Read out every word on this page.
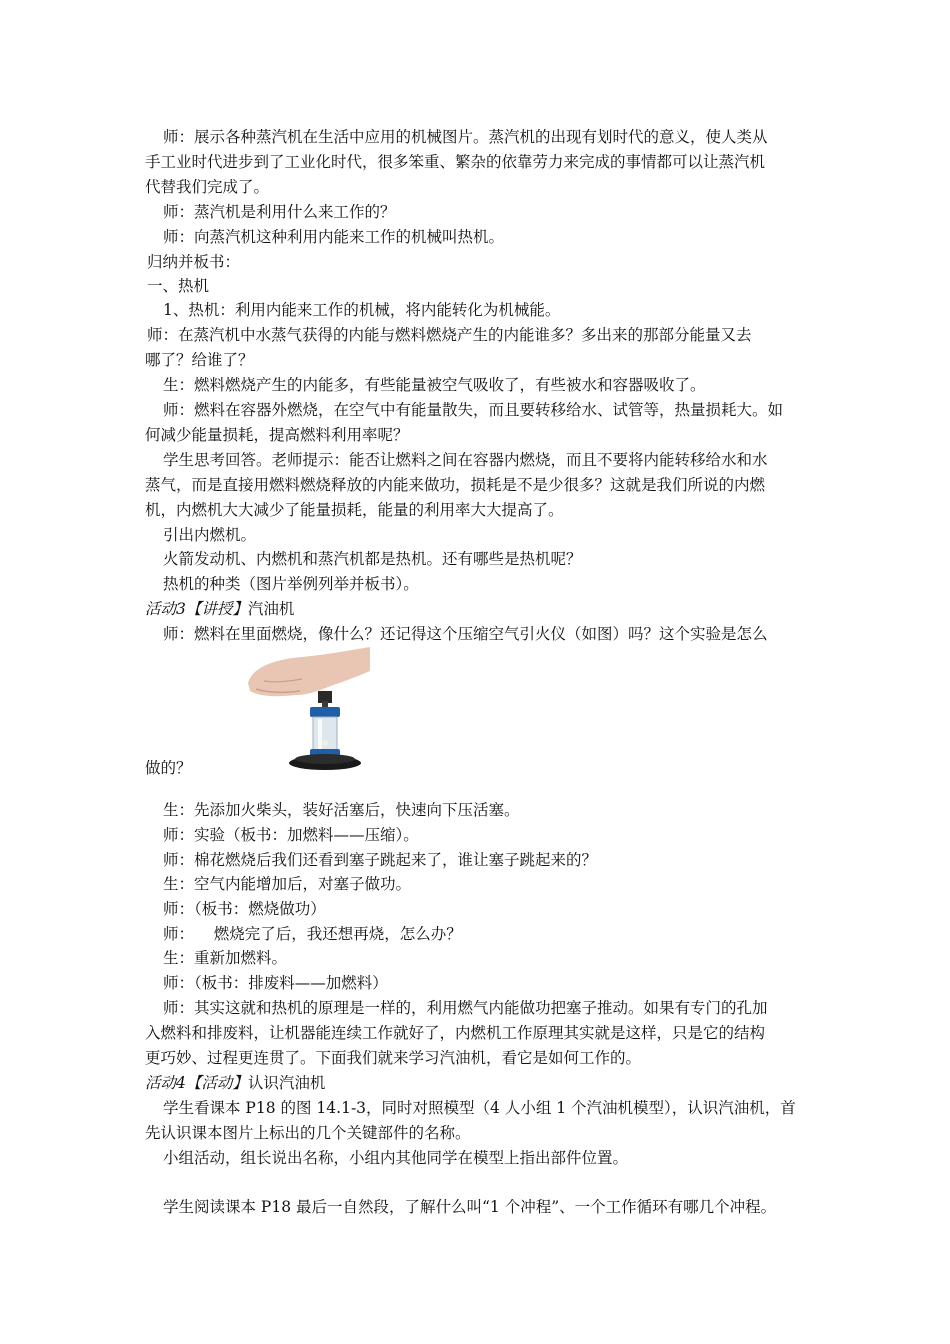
师：展示各种蒸汽机在生活中应用的机械图片。蒸汽机的出现有划时代的意义，使人类从
手工业时代进步到了工业化时代，很多笨重、繁杂的依靠劳力来完成的事情都可以让蒸汽机
代替我们完成了。
师：蒸汽机是利用什么来工作的？
师：向蒸汽机这种利用内能来工作的机械叫热机。
归纳并板书：
一、热机
1、热机：利用内能来工作的机械，将内能转化为机械能。
师：在蒸汽机中水蒸气获得的内能与燃料燃烧产生的内能谁多？多出来的那部分能量又去
哪了？给谁了？
生：燃料燃烧产生的内能多，有些能量被空气吸收了，有些被水和容器吸收了。
师：燃料在容器外燃烧，在空气中有能量散失，而且要转移给水、试管等，热量损耗大。如
何减少能量损耗，提高燃料利用率呢？
学生思考回答。老师提示：能否让燃料之间在容器内燃烧，而且不要将内能转移给水和水
蒸气，而是直接用燃料燃烧释放的内能来做功，损耗是不是少很多？这就是我们所说的内燃
机，内燃机大大减少了能量损耗，能量的利用率大大提高了。
引出内燃机。
火箭发动机、内燃机和蒸汽机都是热机。还有哪些是热机呢？
热机的种类（图片举例列举并板书）。
活动3【讲授】汽油机
师：燃料在里面燃烧，像什么？还记得这个压缩空气引火仪（如图）吗？这个实验是怎么
做的？
生：先添加火柴头，装好活塞后，快速向下压活塞。
师：实验（板书：加燃料——压缩）。
师：棉花燃烧后我们还看到塞子跳起来了，谁让塞子跳起来的？
生：空气内能增加后，对塞子做功。
师：（板书：燃烧做功）
师：    燃烧完了后，我还想再烧，怎么办？
生：重新加燃料。
师：（板书：排废料——加燃料）
师：其实这就和热机的原理是一样的，利用燃气内能做功把塞子推动。如果有专门的孔加
入燃料和排废料，让机器能连续工作就好了，内燃机工作原理其实就是这样，只是它的结构
更巧妙、过程更连贯了。下面我们就来学习汽油机，看它是如何工作的。
活动4【活动】认识汽油机
学生看课本 P18 的图 14.1-3，同时对照模型（4 人小组 1 个汽油机模型），认识汽油机，首
先认识课本图片上标出的几个关键部件的名称。
小组活动，组长说出名称，小组内其他同学在模型上指出部件位置。
学生阅读课本 P18 最后一自然段，了解什么叫“1 个冲程”、一个工作循环有哪几个冲程。
